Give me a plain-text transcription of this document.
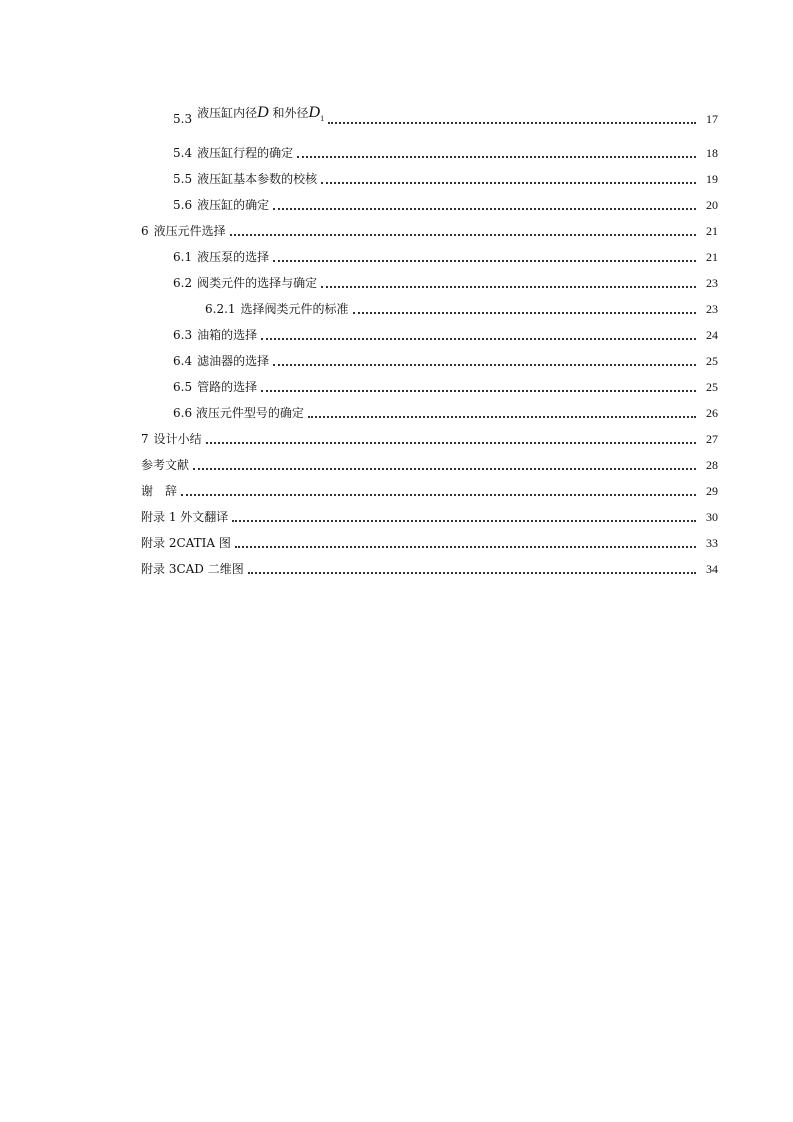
5.3 液压缸内径D 和外径$D_1$	17
5.4 液压缸行程的确定	18
5.5 液压缸基本参数的校核	19
5.6 液压缸的确定	20
6 液压元件选择	21
6.1 液压泵的选择	21
6.2 阀类元件的选择与确定	23
6.2.1 选择阀类元件的标准	23
6.3 油箱的选择	24
6.4 滤油器的选择	25
6.5 管路的选择	25
6.6 液压元件型号的确定	26
7 设计小结	27
参考文献	28
谢　辞	29
附录 1 外文翻译	30
附录 2CATIA 图	33
附录 3CAD 二维图	34
